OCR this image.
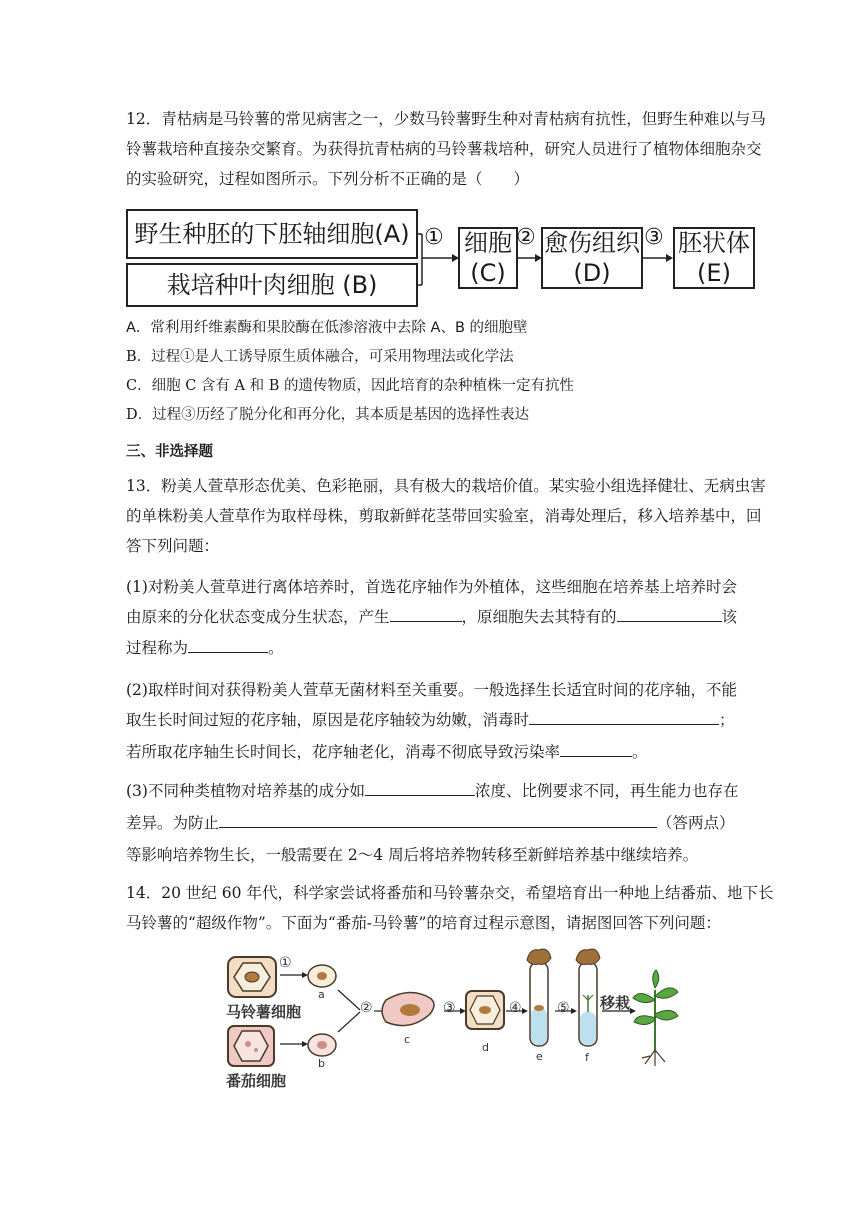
12．青枯病是马铃薯的常见病害之一，少数马铃薯野生种对青枯病有抗性，但野生种难以与马铃薯栽培种直接杂交繁育。为获得抗青枯病的马铃薯栽培种，研究人员进行了植物体细胞杂交的实验研究，过程如图所示。下列分析不正确的是（　　）
野生种胚的下胚轴细胞(A)
栽培种叶肉细胞 (B)
① 细胞
(C)
② 愈伤组织
(D)
③ 胚状体
(E)
A．常利用纤维素酶和果胶酶在低渗溶液中去除 A、B 的细胞壁
B．过程①是人工诱导原生质体融合，可采用物理法或化学法
C．细胞 C 含有 A 和 B 的遗传物质，因此培育的杂种植株一定有抗性
D．过程③历经了脱分化和再分化，其本质是基因的选择性表达
三、非选择题
13．粉美人萱草形态优美、色彩艳丽，具有极大的栽培价值。某实验小组选择健壮、无病虫害的单株粉美人萱草作为取样母株，剪取新鲜花茎带回实验室，消毒处理后，移入培养基中，回答下列问题：
(1)对粉美人萱草进行离体培养时，首选花序轴作为外植体，这些细胞在培养基上培养时会
由原来的分化状态变成分生状态，产生	，原细胞失去其特有的	该
过程称为	。
(2)取样时间对获得粉美人萱草无菌材料至关重要。一般选择生长适宜时间的花序轴，不能
取生长时间过短的花序轴，原因是花序轴较为幼嫩，消毒时	；
若所取花序轴生长时间长，花序轴老化，消毒不彻底导致污染率	。
(3)不同种类植物对培养基的成分如	浓度、比例要求不同，再生能力也存在
差异。为防止	（答两点）
等影响培养物生长，一般需要在 2～4 周后将培养物转移至新鲜培养基中继续培养。
14．20 世纪 60 年代，科学家尝试将番茄和马铃薯杂交，希望培育出一种地上结番茄、地下长马铃薯的“超级作物”。下面为“番茄-马铃薯”的培育过程示意图，请据图回答下列问题：
①
a
b
马铃薯细胞
番茄细胞
②
c
③
d
④
e
⑤
f
移栽
